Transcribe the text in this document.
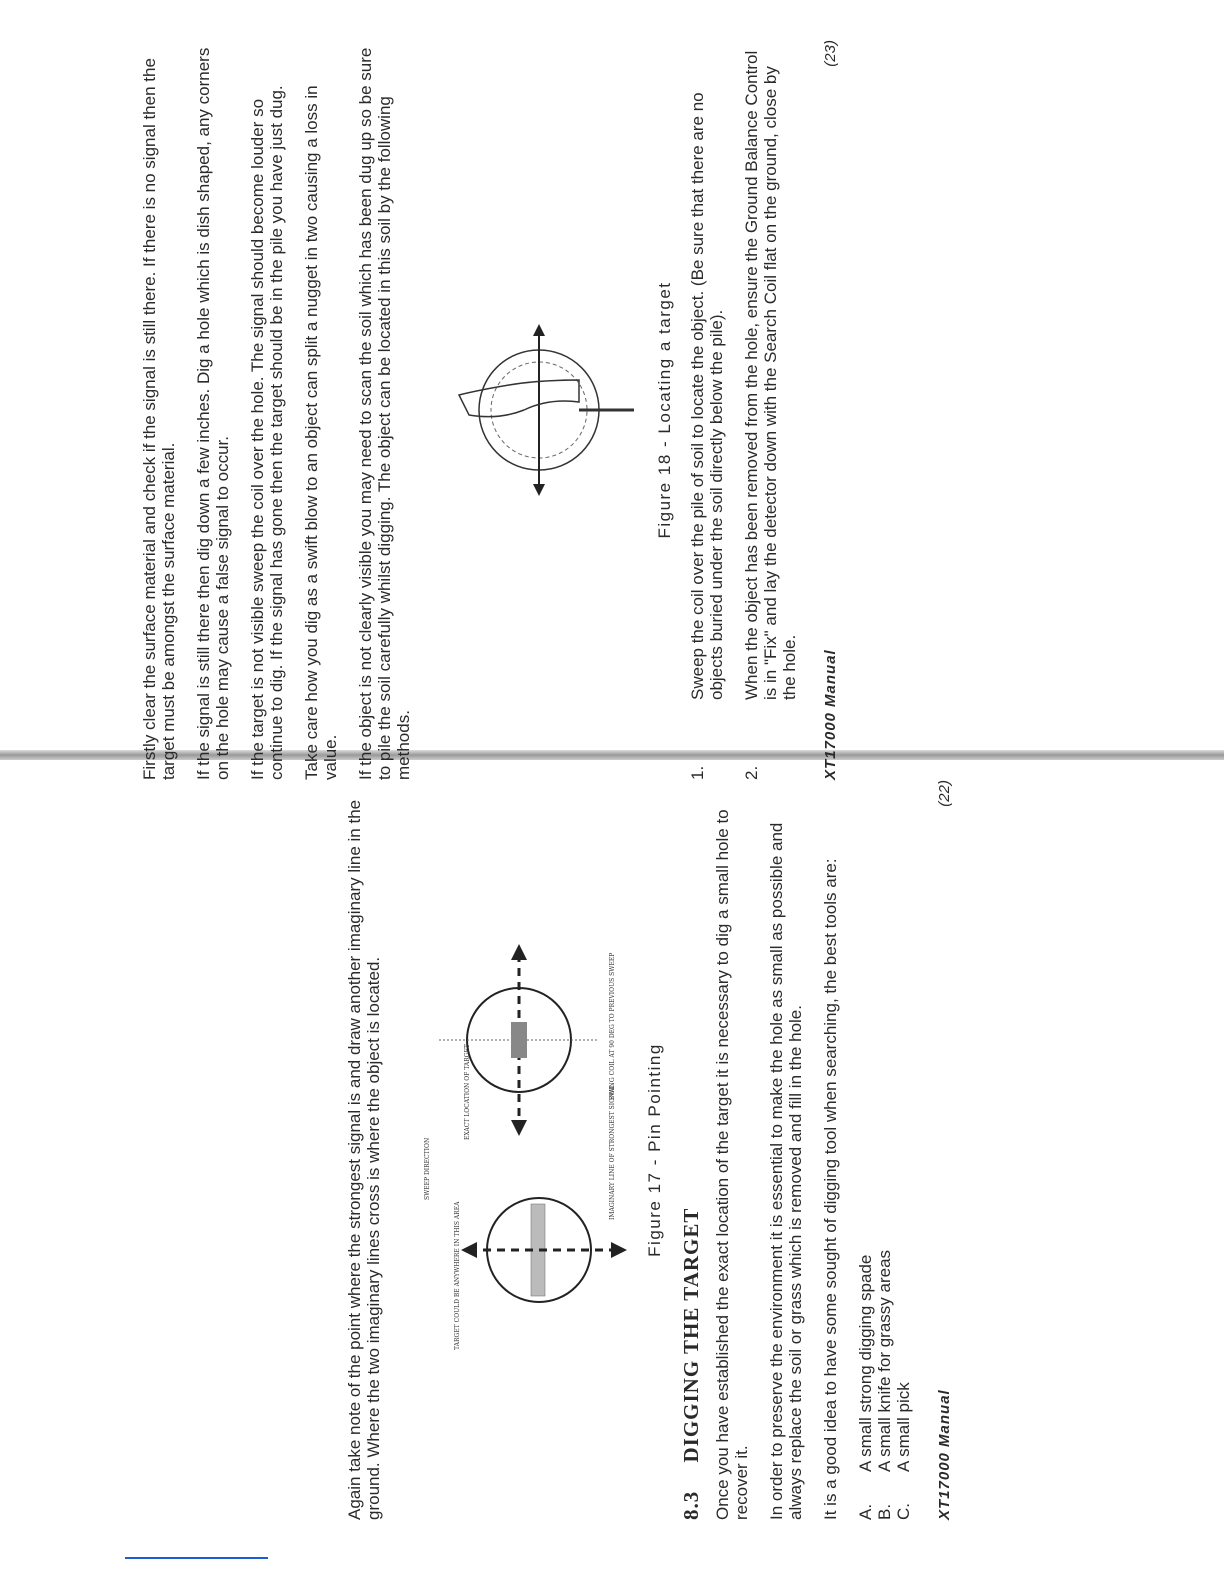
Firstly clear the surface material and check if the signal is still there. If there is no signal then the target must be amongst the surface material. If the signal is still there then dig down a few inches. Dig a hole which is dish shaped, any corners on the hole may cause a false signal to occur. If the target is not visible sweep the coil over the hole. The signal should become louder so continue to dig. If the signal has gone then the target should be in the pile you have just dug. Take care how you dig as a swift blow to an object can split a nugget in two causing a loss in value. If the object is not clearly visible you may need to scan the soil which has been dug up so be sure to pile the soil carefully whilst digging. The object can be located in this soil by the following methods.

Figure 18 - Locating a target
1.
Sweep the coil over the pile of soil to locate the object. (Be sure that there are no objects buried under the soil directly below the pile).
2.
When the object has been removed from the hole, ensure the Ground Balance Control is in "Fix" and lay the detector down with the Search Coil flat on the ground, close by the hole. XT17000 Manual
(23)

Again take note of the point where the strongest signal is and draw another imaginary line in the ground. Where the two imaginary lines cross is where the object is located.	TARGET COULD BE ANYWHERE IN THIS AREA
SWEEP DIRECTION
EXACT LOCATION OF TARGET	IMAGINARY LINE OF STRONGEST SIGNAL
SWING COIL AT 90 DEG TO PREVIOUS SWEEP
Figure 17 - Pin Pointing
8.3 DIGGING THE TARGET Once you have established the exact location of the target it is necessary to dig a small hole to recover it. In order to preserve the environment it is essential to make the hole as small as possible and always replace the soil or grass which is removed and fill in the hole. It is a good idea to have some sought of digging tool when searching, the best tools are: A.
A small strong digging spade
B.
A small knife for grassy areas
C.
A small pick XT17000 Manual
(22)
